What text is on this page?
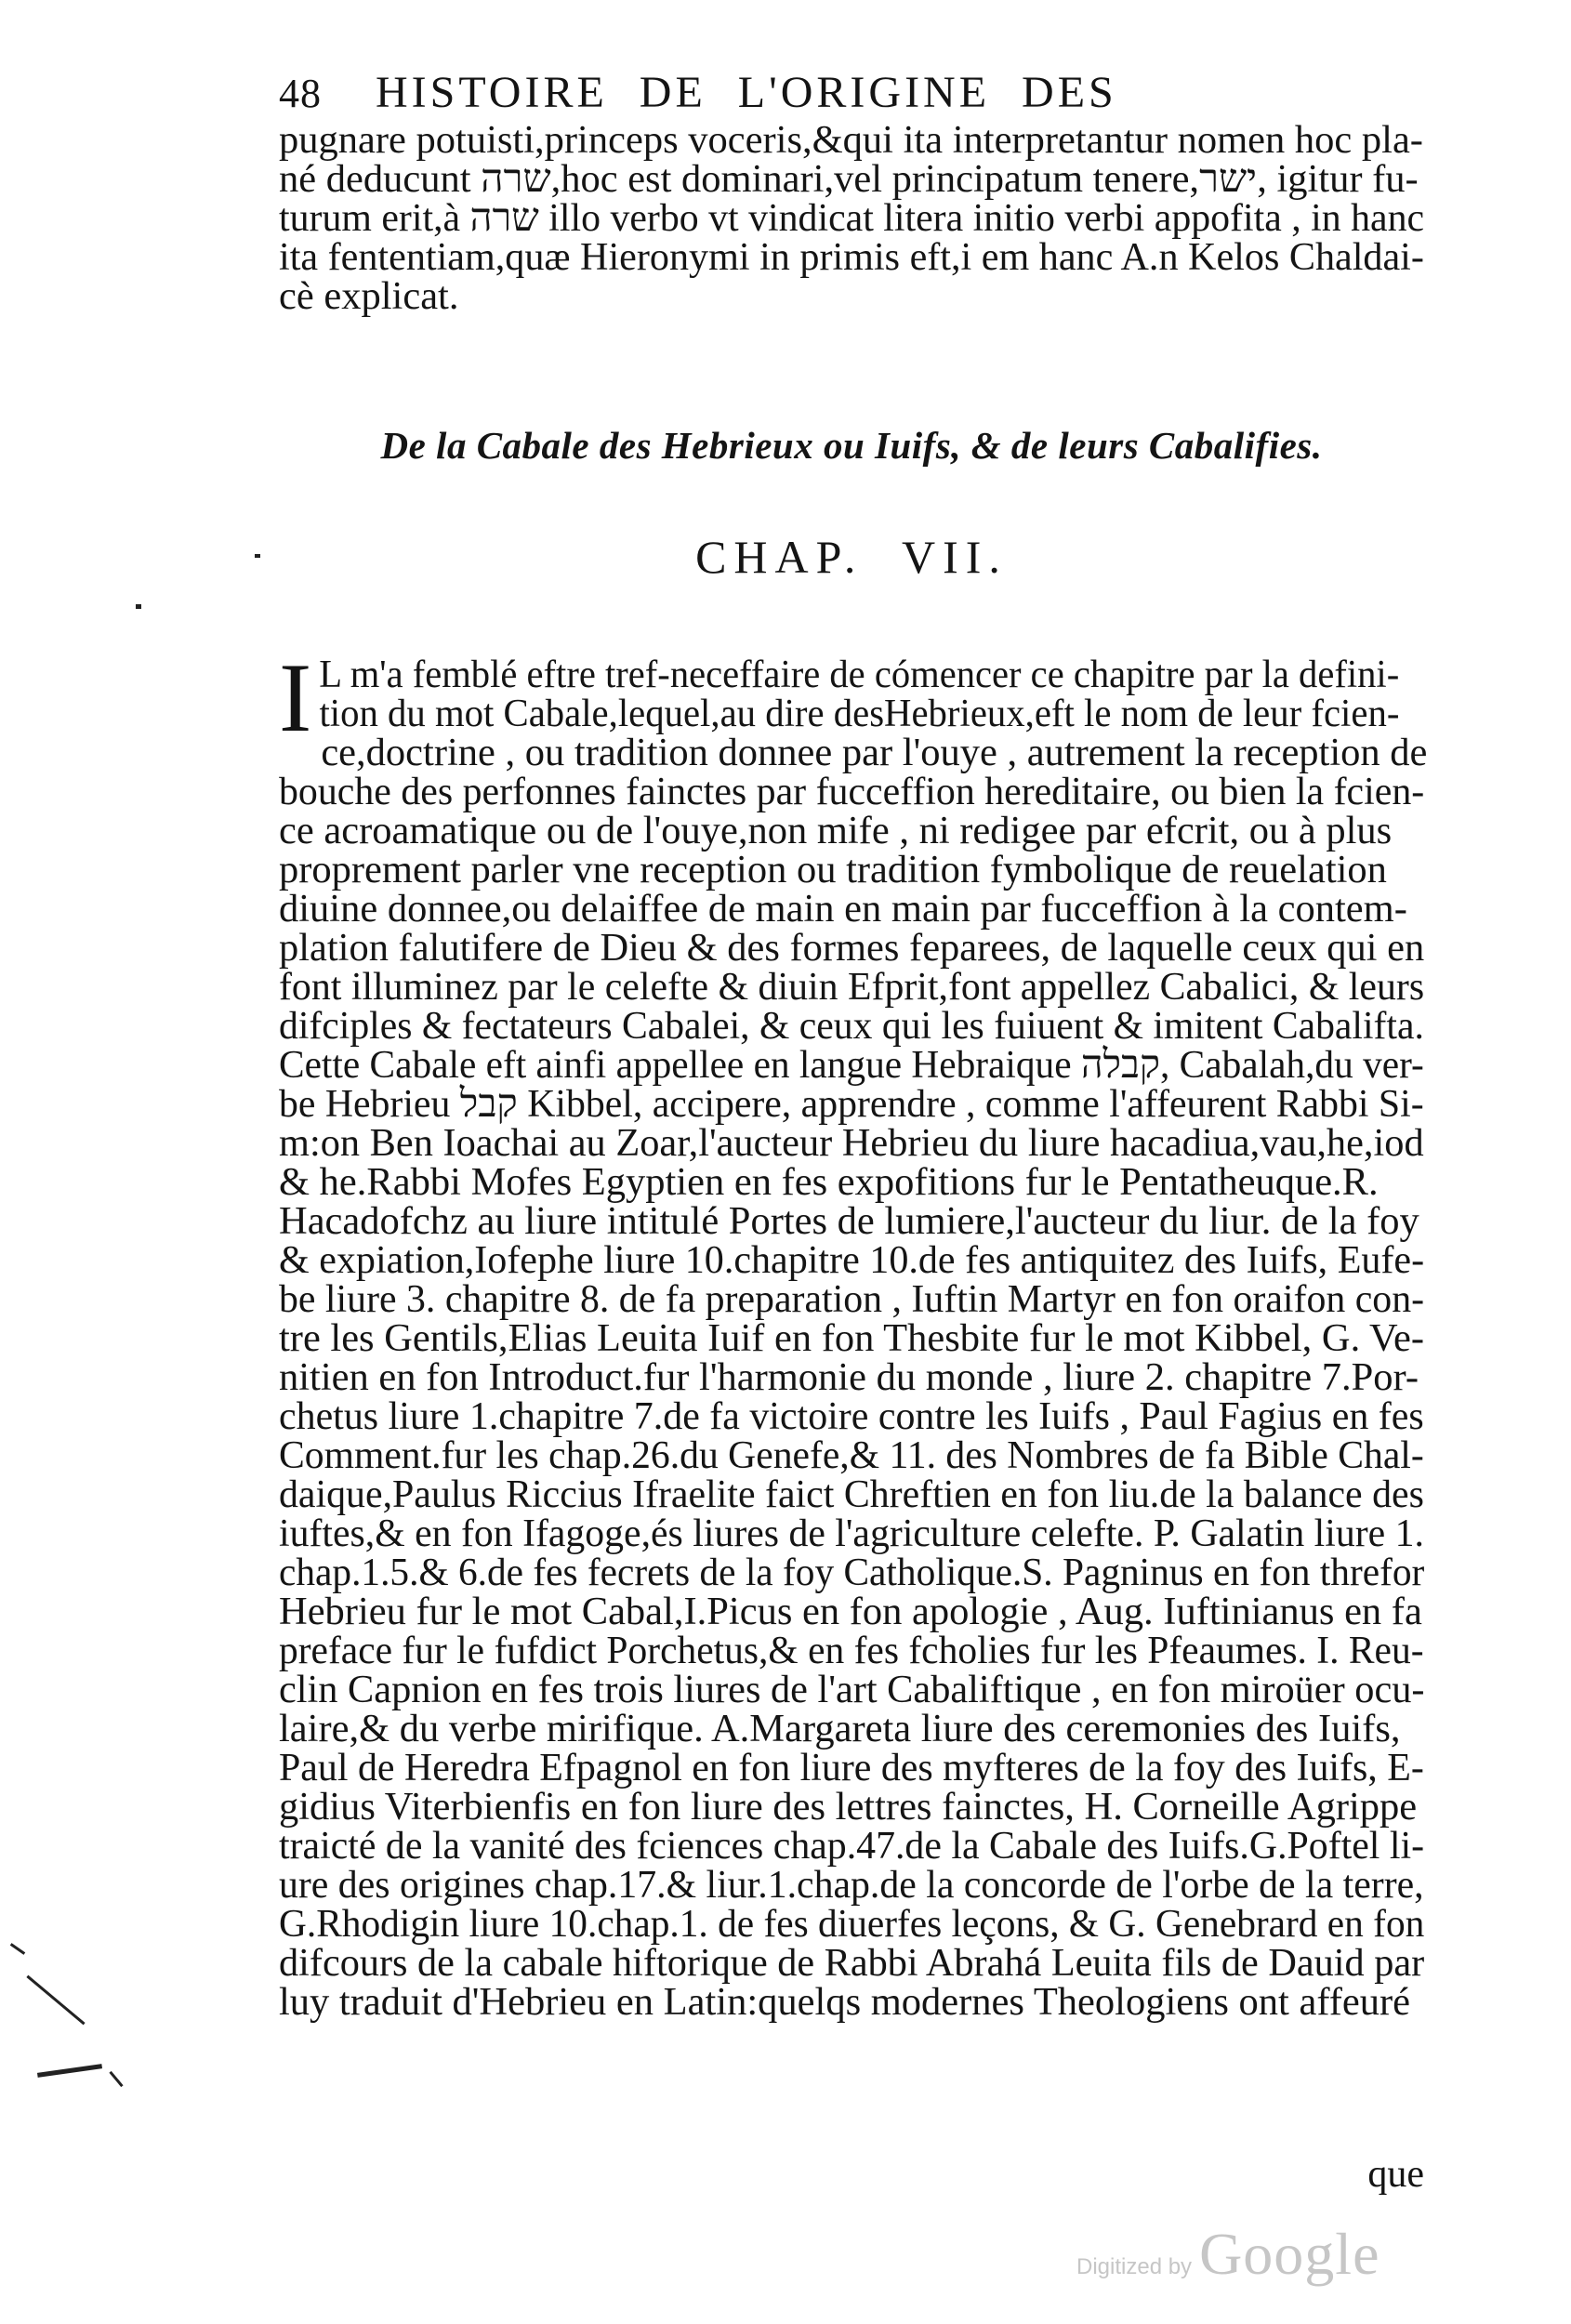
48 HISTOIRE DE L'ORIGINE DES
pugnare potuisti,princeps voceris,&qui ita interpretantur nomen hoc pla-
né deducunt שרה,hoc est dominari,vel principatum tenere,ישר, igitur fu-
turum erit,à שרה illo verbo vt vindicat litera initio verbi appofita , in hanc
ita fententiam,quæ Hieronymi in primis eft,i em hanc A.n Kelos Chaldai-
cè explicat.
De la Cabale des Hebrieux ou Iuifs, & de leurs Cabalifies.
CHAP. VII.
I L m'a femblé eftre tref-neceffaire de cómencer ce chapitre par la defini-
tion du mot Cabale,lequel,au dire desHebrieux,eft le nom de leur fcien-
ce,doctrine , ou tradition donnee par l'ouye , autrement la reception de
bouche des perfonnes fainctes par fucceffion hereditaire, ou bien la fcien-
ce acroamatique ou de l'ouye,non mife , ni redigee par efcrit, ou à plus
proprement parler vne reception ou tradition fymbolique de reuelation
diuine donnee,ou delaiffee de main en main par fucceffion à la contem-
plation falutifere de Dieu & des formes feparees, de laquelle ceux qui en
font illuminez par le celefte & diuin Efprit,font appellez Cabalici, & leurs
difciples & fectateurs Cabalei, & ceux qui les fuiuent & imitent Cabalifta.
Cette Cabale eft ainfi appellee en langue Hebraique קבלה, Cabalah,du ver-
be Hebrieu קבל Kibbel, accipere, apprendre , comme l'affeurent Rabbi Si-
m:on Ben Ioachai au Zoar,l'aucteur Hebrieu du liure hacadiua,vau,he,iod
& he.Rabbi Mofes Egyptien en fes expofitions fur le Pentatheuque.R.
Hacadofchz au liure intitulé Portes de lumiere,l'aucteur du liur. de la foy
& expiation,Iofephe liure 10.chapitre 10.de fes antiquitez des Iuifs, Eufe-
be liure 3. chapitre 8. de fa preparation , Iuftin Martyr en fon oraifon con-
tre les Gentils,Elias Leuita Iuif en fon Thesbite fur le mot Kibbel, G. Ve-
nitien en fon Introduct.fur l'harmonie du monde , liure 2. chapitre 7.Por-
chetus liure 1.chapitre 7.de fa victoire contre les Iuifs , Paul Fagius en fes
Comment.fur les chap.26.du Genefe,& 11. des Nombres de fa Bible Chal-
daique,Paulus Riccius Ifraelite faict Chreftien en fon liu.de la balance des
iuftes,& en fon Ifagoge,és liures de l'agriculture celefte. P. Galatin liure 1.
chap.1.5.& 6.de fes fecrets de la foy Catholique.S. Pagninus en fon threfor
Hebrieu fur le mot Cabal,I.Picus en fon apologie , Aug. Iuftinianus en fa
preface fur le fufdict Porchetus,& en fes fcholies fur les Pfeaumes. I. Reu-
clin Capnion en fes trois liures de l'art Cabaliftique , en fon miroüer ocu-
laire,& du verbe mirifique. A.Margareta liure des ceremonies des Iuifs,
Paul de Heredra Efpagnol en fon liure des myfteres de la foy des Iuifs, E-
gidius Viterbienfis en fon liure des lettres fainctes, H. Corneille Agrippe
traicté de la vanité des fciences chap.47.de la Cabale des Iuifs.G.Poftel li-
ure des origines chap.17.& liur.1.chap.de la concorde de l'orbe de la terre,
G.Rhodigin liure 10.chap.1. de fes diuerfes leçons, & G. Genebrard en fon
difcours de la cabale hiftorique de Rabbi Abrahá Leuita fils de Dauid par
luy traduit d'Hebrieu en Latin:quelqs modernes Theologiens ont affeuré
que
Digitized by Google
